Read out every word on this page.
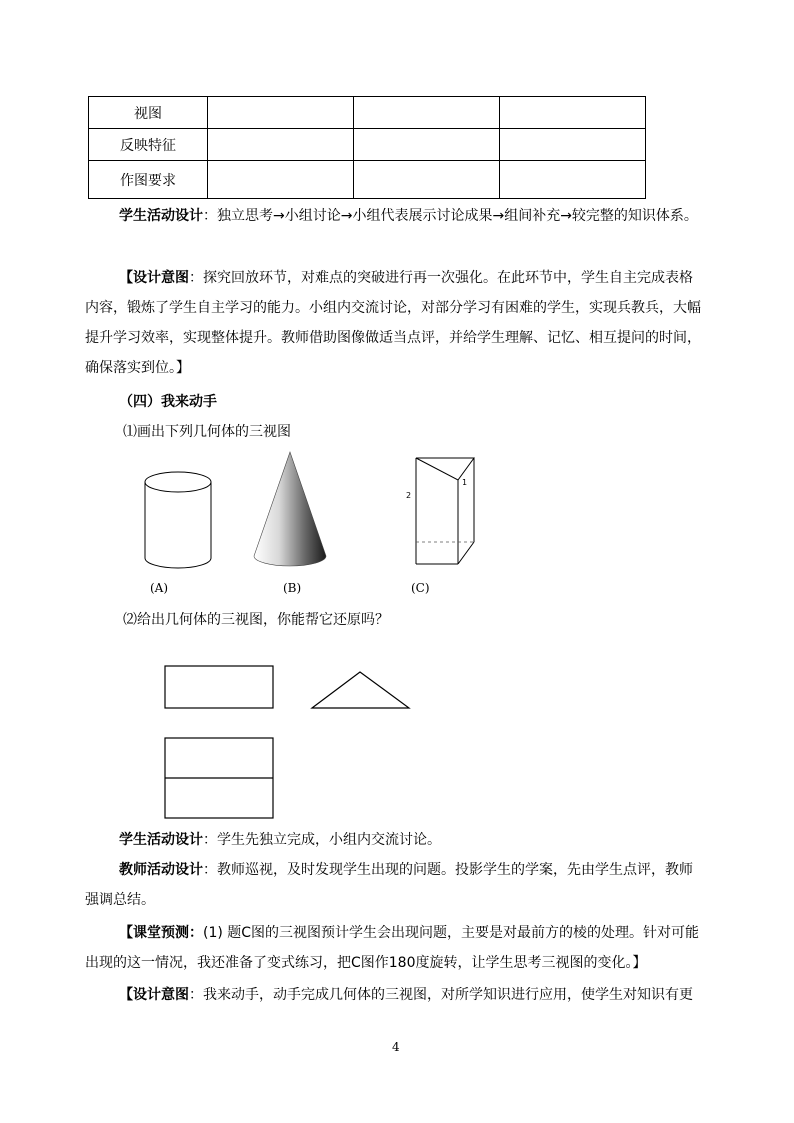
视图			
反映特征			
作图要求			

学生活动设计：独立思考→小组讨论→小组代表展示讨论成果→组间补充→较完整的知识体系。

【设计意图：探究回放环节，对难点的突破进行再一次强化。在此环节中，学生自主完成表格内容，锻炼了学生自主学习的能力。小组内交流讨论，对部分学习有困难的学生，实现兵教兵，大幅提升学习效率，实现整体提升。教师借助图像做适当点评，并给学生理解、记忆、相互提问的时间，确保落实到位。】

（四）我来动手
⑴画出下列几何体的三视图
2
1
(A)	(B)	(C)
⑵给出几何体的三视图，你能帮它还原吗？

学生活动设计：学生先独立完成，小组内交流讨论。

教师活动设计：教师巡视，及时发现学生出现的问题。投影学生的学案，先由学生点评，教师强调总结。

【课堂预测：(1) 题C图的三视图预计学生会出现问题，主要是对最前方的棱的处理。针对可能出现的这一情况，我还准备了变式练习，把C图作180度旋转，让学生思考三视图的变化。】

【设计意图：我来动手，动手完成几何体的三视图，对所学知识进行应用，使学生对知识有更

4
